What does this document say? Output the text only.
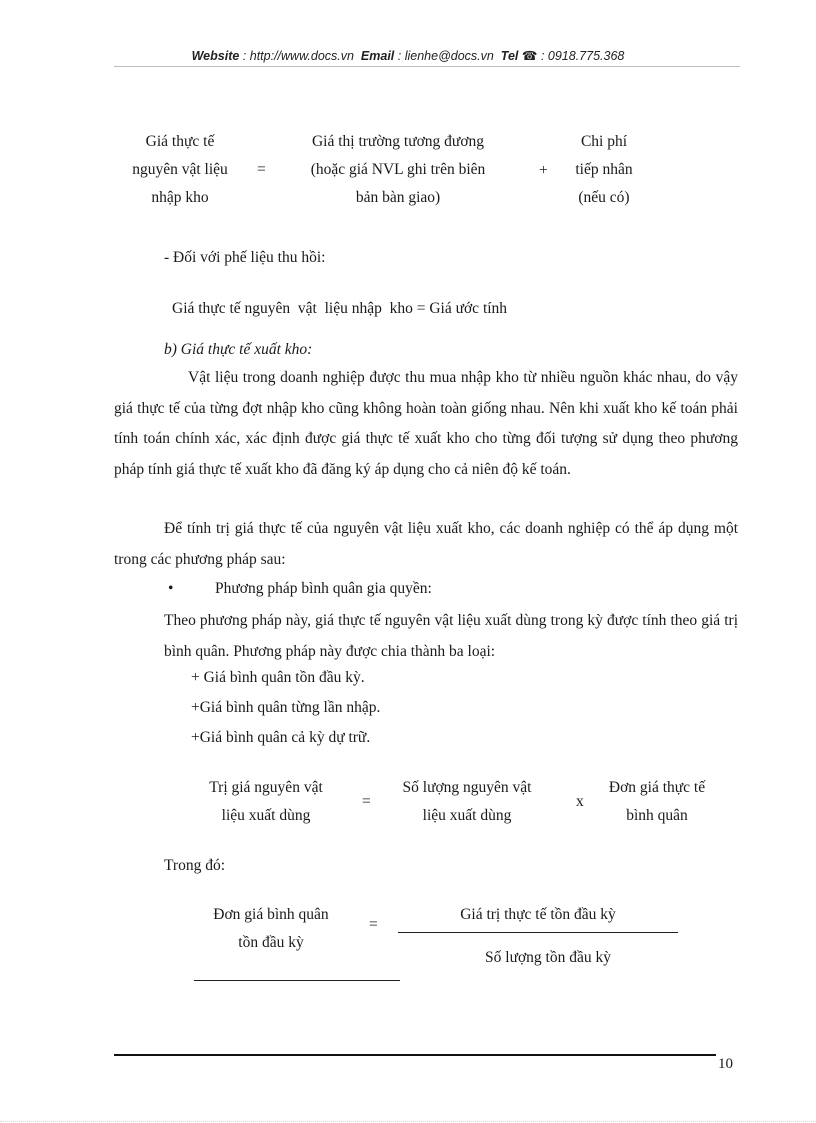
Website : http://www.docs.vn Email : lienhe@docs.vn Tel ☎ : 0918.775.368
Giá thực tế
nguyên vật liệu
nhập kho
=
Giá thị trường tương đương
(hoặc giá NVL ghi trên biên
bản bàn giao)
+
Chi phí
tiếp nhân
(nếu có)
- Đối với phế liệu thu hồi:
Giá thực tế nguyên  vật  liệu nhập  kho = Giá ước tính
b) Giá thực tế xuất kho:
Vật liệu trong doanh nghiệp được thu mua nhập kho từ nhiều nguồn khác nhau, do vậy giá thực tế của từng đợt nhập kho cũng không hoàn toàn giống nhau. Nên khi xuất kho kế toán phải tính toán chính xác, xác định được giá thực tế xuất kho cho từng đối tượng sử dụng theo phương pháp tính giá thực tế xuất kho đã đăng ký áp dụng cho cả niên độ kế toán.
Để tính trị giá thực tế của nguyên vật liệu xuất kho, các doanh nghiệp có thể áp dụng một trong các phương pháp sau:
•	Phương pháp bình quân gia quyền:
Theo phương pháp này, giá thực tế nguyên vật liệu xuất dùng trong kỳ được tính theo giá trị bình quân. Phương pháp này được chia thành ba loại:
+ Giá bình quân tồn đầu kỳ.
+Giá bình quân từng lần nhập.
+Giá bình quân cả kỳ dự trữ.
Trị giá nguyên vật
liệu xuất dùng
=
Số lượng nguyên vật
liệu xuất dùng
x
Đơn giá thực tế
bình quân
Trong đó:
Đơn giá bình quân
tồn đầu kỳ
=
Giá trị thực tế tồn đầu kỳ
Số lượng tồn đầu kỳ
10
